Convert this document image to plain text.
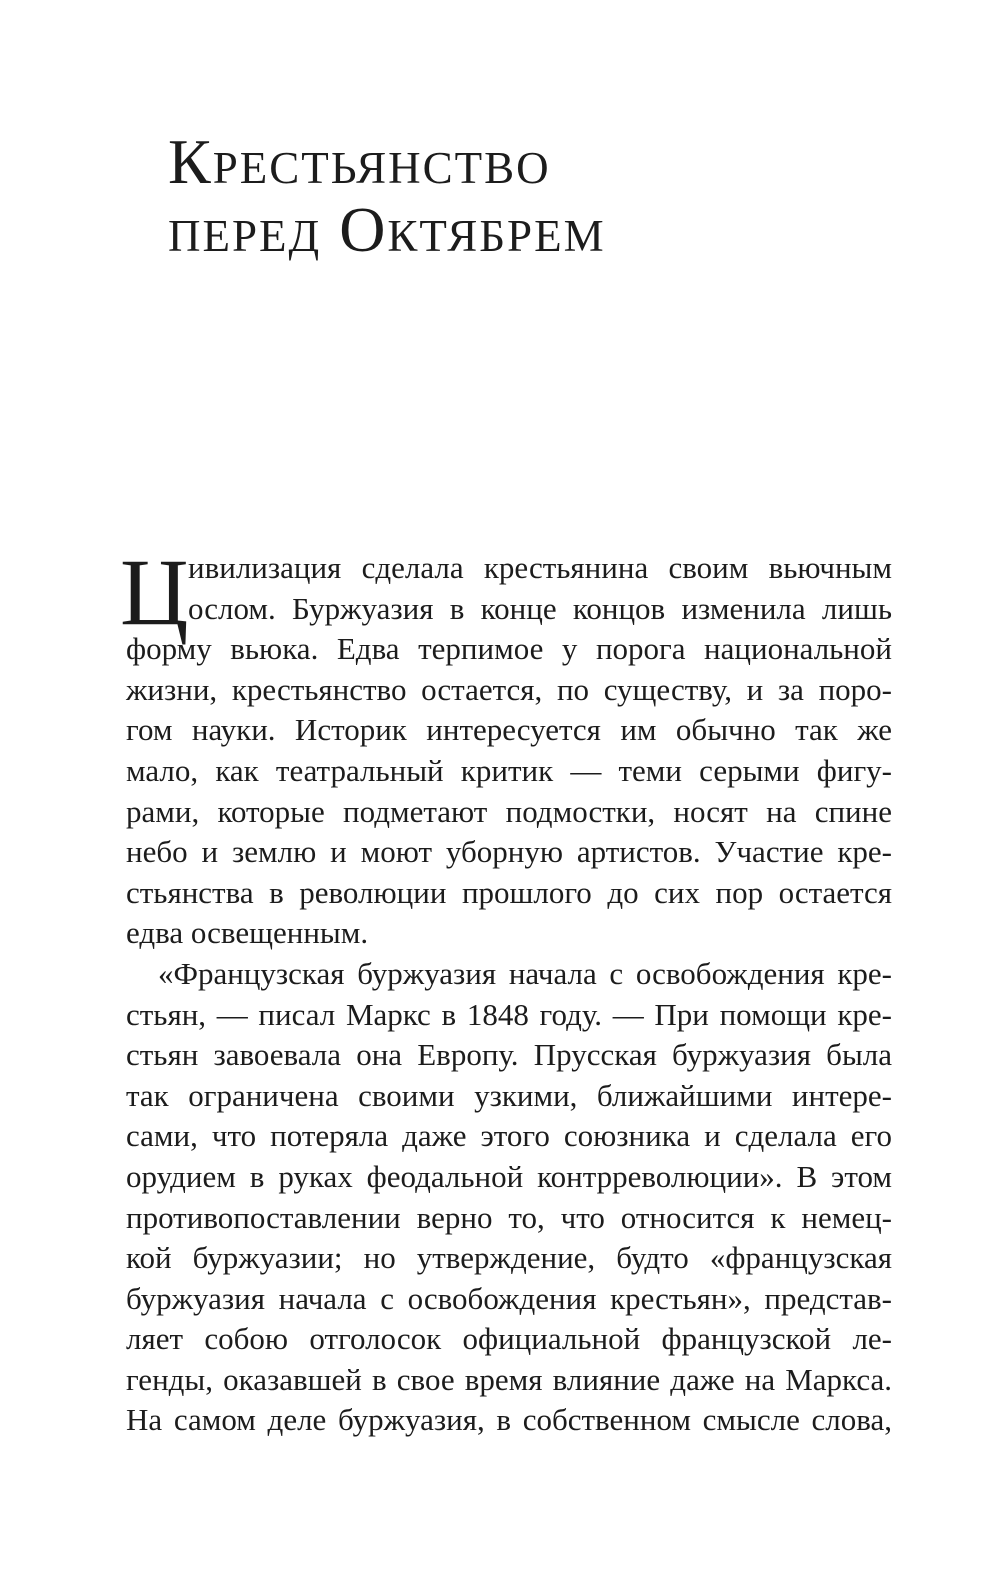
Крестьянство
перед Октябрем
Ц ивилизация сделала крестьянина своим вьючным
ослом. Буржуазия в конце концов изменила лишь
форму вьюка. Едва терпимое у порога национальной
жизни, крестьянство остается, по существу, и за поро-
гом науки. Историк интересуется им обычно так же
мало, как театральный критик — теми серыми фигу-
рами, которые подметают подмостки, носят на спине
небо и землю и моют уборную артистов. Участие кре-
стьянства в революции прошлого до сих пор остается
едва освещенным.
«Французская буржуазия начала с освобождения кре-
стьян, — писал Маркс в 1848 году. — При помощи кре-
стьян завоевала она Европу. Прусская буржуазия была
так ограничена своими узкими, ближайшими интере-
сами, что потеряла даже этого союзника и сделала его
орудием в руках феодальной контрреволюции». В этом
противопоставлении верно то, что относится к немец-
кой буржуазии; но утверждение, будто «французская
буржуазия начала с освобождения крестьян», представ-
ляет собою отголосок официальной французской ле-
генды, оказавшей в свое время влияние даже на Маркса.
На самом деле буржуазия, в собственном смысле слова,
